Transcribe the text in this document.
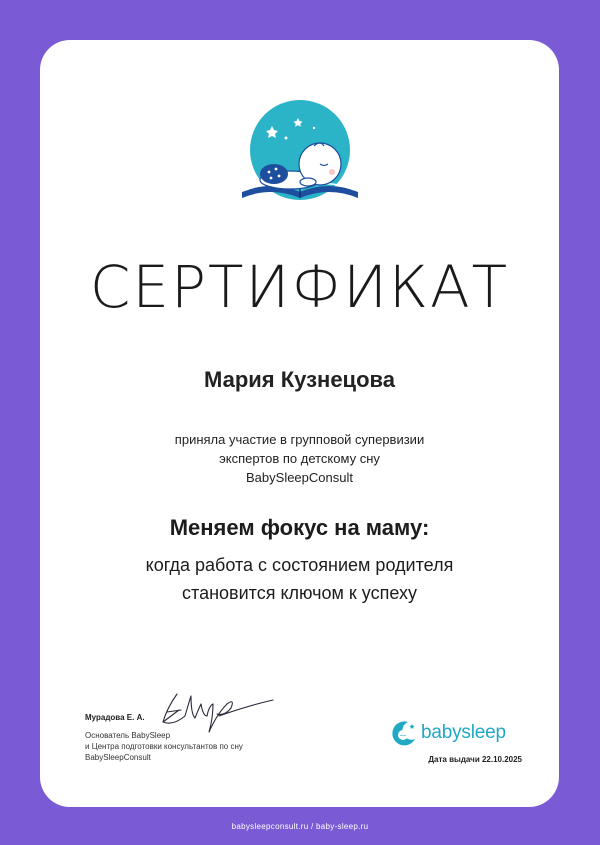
СЕРТИФИКАТ
Мария Кузнецова
приняла участие в групповой супервизии
экспертов по детскому сну
BabySleepConsult
Меняем фокус на маму:
когда работа с состоянием родителя
становится ключом к успеху
Мурадова Е. А.
Основатель BabySleep
и Центра подготовки консультантов по сну
BabySleepConsult
babysleep
Дата выдачи 22.10.2025
babysleepconsult.ru / baby-sleep.ru
